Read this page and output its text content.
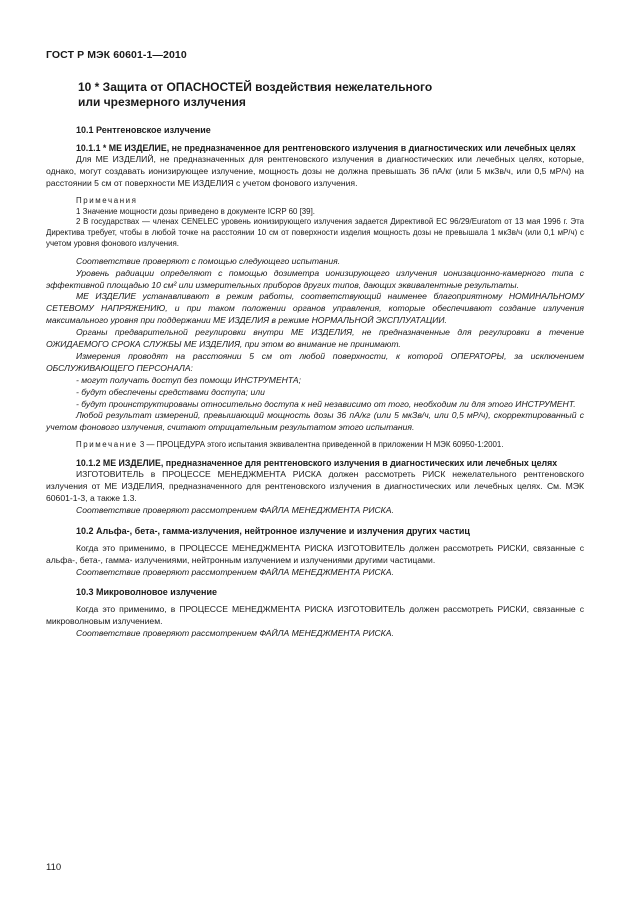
ГОСТ Р МЭК 60601-1—2010
10 * Защита от ОПАСНОСТЕЙ воздействия нежелательного
или чрезмерного излучения
10.1 Рентгеновское излучение

10.1.1 * МЕ ИЗДЕЛИЕ, не предназначенное для рентгеновского излучения в диагностических или лечебных целях

Для МЕ ИЗДЕЛИЙ, не предназначенных для рентгеновского излучения в диагностических или лечебных целях, которые, однако, могут создавать ионизирующее излучение, мощность дозы не должна превышать 36 пА/кг (или 5 мкЗв/ч, или 0,5 мР/ч) на расстоянии 5 см от поверхности МЕ ИЗДЕЛИЯ с учетом фонового излучения.

Примечания

1 Значение мощности дозы приведено в документе ICRP 60 [39].

2 В государствах — членах CENELEC уровень ионизирующего излучения задается Директивой ЕС 96/29/Euratom от 13 мая 1996 г. Эта Директива требует, чтобы в любой точке на расстоянии 10 см от поверхности изделия мощность дозы не превышала 1 мкЗв/ч (или 0,1 мР/ч) с учетом уровня фонового излучения.

Соответствие проверяют с помощью следующего испытания.

Уровень радиации определяют с помощью дозиметра ионизирующего излучения ионизационно-камерного типа с эффективной площадью 10 см² или измерительных приборов других типов, дающих эквивалентные результаты.

МЕ ИЗДЕЛИЕ устанавливают в режим работы, соответствующий наименее благоприятному НОМИНАЛЬНОМУ СЕТЕВОМУ НАПРЯЖЕНИЮ, и при таком положении органов управления, которые обеспечивают создание излучения максимального уровня при поддержании МЕ ИЗДЕЛИЯ в режиме НОРМАЛЬНОЙ ЭКСПЛУАТАЦИИ.

Органы предварительной регулировки внутри МЕ ИЗДЕЛИЯ, не предназначенные для регулировки в течение ОЖИДАЕМОГО СРОКА СЛУЖБЫ МЕ ИЗДЕЛИЯ, при этом во внимание не принимают.

Измерения проводят на расстоянии 5 см от любой поверхности, к которой ОПЕРАТОРЫ, за исключением ОБСЛУЖИВАЮЩЕГО ПЕРСОНАЛА:

- могут получать доступ без помощи ИНСТРУМЕНТА;

- будут обеспечены средствами доступа; или

- будут проинструктированы относительно доступа к ней независимо от того, необходим ли для этого ИНСТРУМЕНТ.

Любой результат измерений, превышающий мощность дозы 36 пА/кг (или 5 мкЗв/ч, или 0,5 мР/ч), скорректированный с учетом фонового излучения, считают отрицательным результатом этого испытания.

Примечание 3 — ПРОЦЕДУРА этого испытания эквивалентна приведенной в приложении Н МЭК 60950-1:2001.

10.1.2 МЕ ИЗДЕЛИЕ, предназначенное для рентгеновского излучения в диагностических или лечебных целях

ИЗГОТОВИТЕЛЬ в ПРОЦЕССЕ МЕНЕДЖМЕНТА РИСКА должен рассмотреть РИСК нежелательного рентгеновского излучения от МЕ ИЗДЕЛИЯ, предназначенного для рентгеновского излучения в диагностических или лечебных целях. См. МЭК 60601-1-3, а также 1.3.

Соответствие проверяют рассмотрением ФАЙЛА МЕНЕДЖМЕНТА РИСКА.

10.2 Альфа-, бета-, гамма-излучения, нейтронное излучение и излучения других частиц

Когда это применимо, в ПРОЦЕССЕ МЕНЕДЖМЕНТА РИСКА ИЗГОТОВИТЕЛЬ должен рассмотреть РИСКИ, связанные с альфа-, бета-, гамма- излучениями, нейтронным излучением и излучениями другими частицами.

Соответствие проверяют рассмотрением ФАЙЛА МЕНЕДЖМЕНТА РИСКА.

10.3 Микроволновое излучение

Когда это применимо, в ПРОЦЕССЕ МЕНЕДЖМЕНТА РИСКА ИЗГОТОВИТЕЛЬ должен рассмотреть РИСКИ, связанные с микроволновым излучением.

Соответствие проверяют рассмотрением ФАЙЛА МЕНЕДЖМЕНТА РИСКА.

110
